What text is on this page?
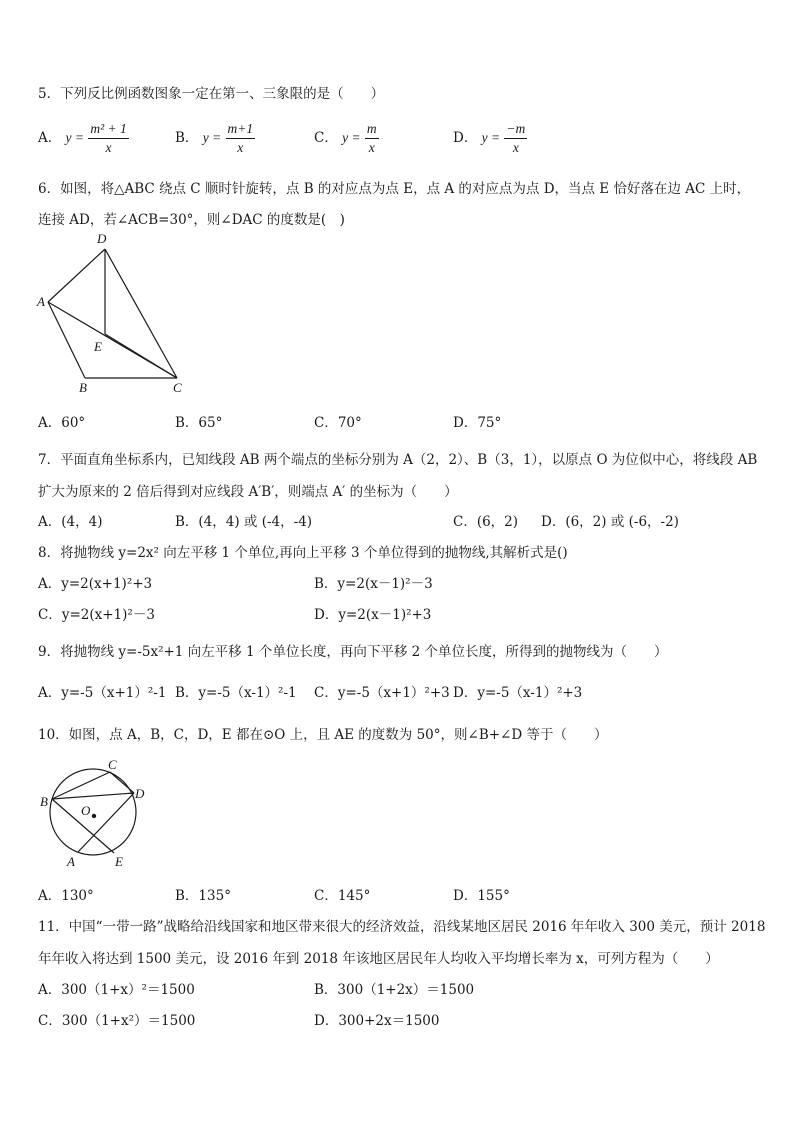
5．下列反比例函数图象一定在第一、三象限的是（　　）
A． $y = \frac{\text{m² + 1}}{x}$	B． $y = \frac{m+1}{x}$	C． $y = \frac{m}{x}$	D． $y = \frac{-m}{x}$
6．如图，将△ABC 绕点 C 顺时针旋转，点 B 的对应点为点 E，点 A 的对应点为点 D，当点 E 恰好落在边 AC 上时，
连接 AD，若∠ACB=30°，则∠DAC 的度数是(　)
D
A
E
B	C
A．60°	B．65°	C．70°	D．75°
7．平面直角坐标系内，已知线段 AB 两个端点的坐标分别为 A（2，2）、B（3，1），以原点 O 为位似中心，将线段 AB
扩大为原来的 2 倍后得到对应线段 A′B′，则端点 A′ 的坐标为（　　）
A．(4，4)	B．(4，4) 或 (-4，-4)	C．(6，2) D．(6，2) 或 (-6，-2)
8．将抛物线 y=2x² 向左平移 1 个单位,再向上平移 3 个单位得到的抛物线,其解析式是()
A．y=2(x+1)²+3	B．y=2(x－1)²－3
C．y=2(x+1)²－3	D．y=2(x－1)²+3
9．将抛物线 y=-5x²+1 向左平移 1 个单位长度，再向下平移 2 个单位长度，所得到的抛物线为（　　）
A．y=-5（x+1）²-1 B．y=-5（x-1）²-1 C．y=-5（x+1）²+3 D．y=-5（x-1）²+3
10．如图，点 A，B，C，D，E 都在⊙O 上，且 AE 的度数为 50°，则∠B+∠D 等于（　　）
C
D
B
O
A	E
A．130°	B．135°	C．145°	D．155°
11．中国“一带一路”战略给沿线国家和地区带来很大的经济效益，沿线某地区居民 2016 年年收入 300 美元，预计 2018
年年收入将达到 1500 美元，设 2016 年到 2018 年该地区居民年人均收入平均增长率为 x，可列方程为（　　）
A．300（1+x）²＝1500	B．300（1+2x）＝1500
C．300（1+x²）＝1500	D．300+2x＝1500
